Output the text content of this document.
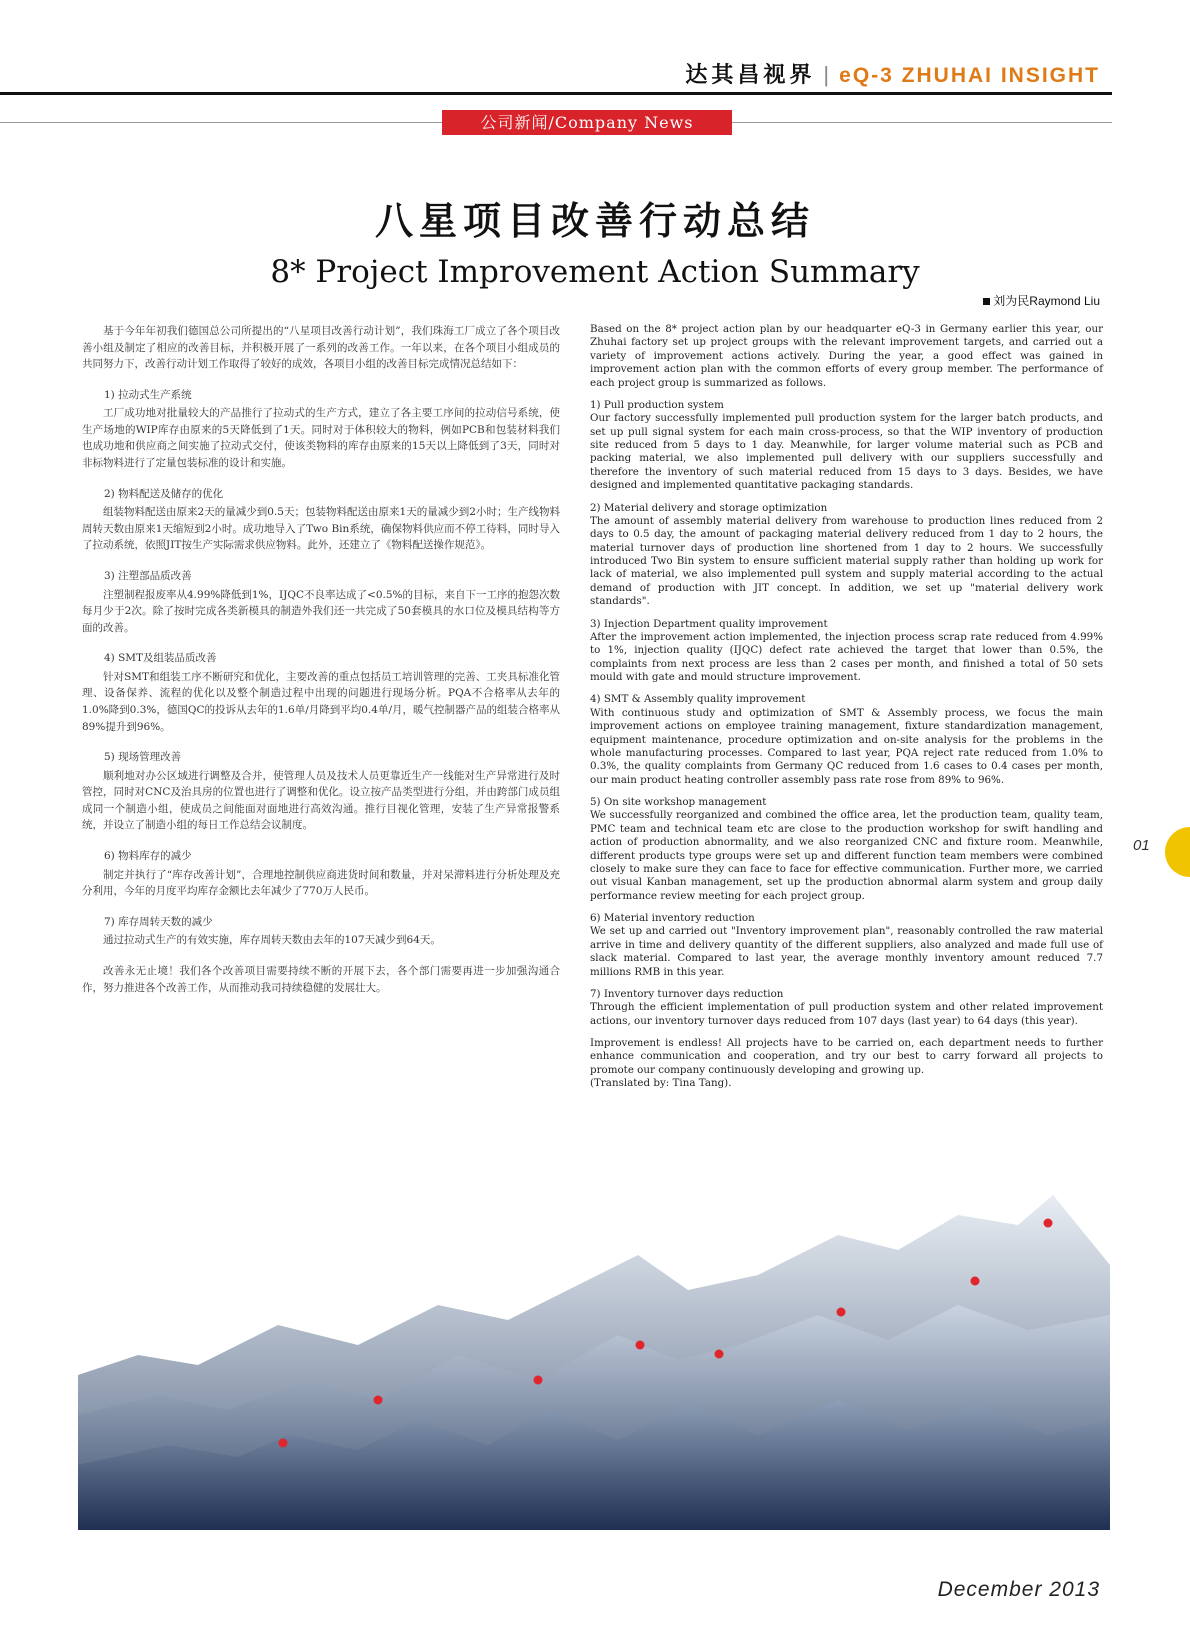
达其昌视界 | eQ-3 ZHUHAI INSIGHT
公司新闻/Company News
八星项目改善行动总结
8* Project Improvement Action Summary
刘为民Raymond Liu

基于今年年初我们德国总公司所提出的“八星项目改善行动计划”，我们珠海工厂成立了各个项目改善小组及制定了相应的改善目标，并积极开展了一系列的改善工作。一年以来，在各个项目小组成员的共同努力下，改善行动计划工作取得了较好的成效，各项目小组的改善目标完成情况总结如下：

1) 拉动式生产系统

工厂成功地对批量较大的产品推行了拉动式的生产方式，建立了各主要工序间的拉动信号系统，使生产场地的WIP库存由原来的5天降低到了1天。同时对于体积较大的物料，例如PCB和包装材料我们也成功地和供应商之间实施了拉动式交付，使该类物料的库存由原来的15天以上降低到了3天，同时对非标物料进行了定量包装标准的设计和实施。

2) 物料配送及储存的优化

组装物料配送由原来2天的量减少到0.5天；包装物料配送由原来1天的量减少到2小时；生产线物料周转天数由原来1天缩短到2小时。成功地导入了Two Bin系统，确保物料供应而不停工待料，同时导入了拉动系统，依照JIT按生产实际需求供应物料。此外，还建立了《物料配送操作规范》。

3) 注塑部品质改善

注塑制程报废率从4.99%降低到1%，IJQC不良率达成了<0.5%的目标，来自下一工序的抱怨次数每月少于2次。除了按时完成各类新模具的制造外我们还一共完成了50套模具的水口位及模具结构等方面的改善。

4) SMT及组装品质改善

针对SMT和组装工序不断研究和优化，主要改善的重点包括员工培训管理的完善、工夹具标准化管理、设备保养、流程的优化以及整个制造过程中出现的问题进行现场分析。PQA不合格率从去年的1.0%降到0.3%，德国QC的投诉从去年的1.6单/月降到平均0.4单/月，暖气控制器产品的组装合格率从89%提升到96%。

5) 现场管理改善

顺利地对办公区域进行调整及合并，使管理人员及技术人员更靠近生产一线能对生产异常进行及时管控，同时对CNC及治具房的位置也进行了调整和优化。设立按产品类型进行分组，并由跨部门成员组成同一个制造小组，使成员之间能面对面地进行高效沟通。推行目视化管理，安装了生产异常报警系统，并设立了制造小组的每日工作总结会议制度。

6) 物料库存的减少

制定并执行了“库存改善计划”，合理地控制供应商进货时间和数量，并对呆滞料进行分析处理及充分利用，今年的月度平均库存金额比去年减少了770万人民币。

7) 库存周转天数的减少

通过拉动式生产的有效实施，库存周转天数由去年的107天减少到64天。

改善永无止境！我们各个改善项目需要持续不断的开展下去，各个部门需要再进一步加强沟通合作，努力推进各个改善工作，从而推动我司持续稳健的发展壮大。

Based on the 8* project action plan by our headquarter eQ-3 in Germany earlier this year, our Zhuhai factory set up project groups with the relevant improvement targets, and carried out a variety of improvement actions actively. During the year, a good effect was gained in improvement action plan with the common efforts of every group member. The performance of each project group is summarized as follows.

1) Pull production system

Our factory successfully implemented pull production system for the larger batch products, and set up pull signal system for each main cross-process, so that the WIP inventory of production site reduced from 5 days to 1 day. Meanwhile, for larger volume material such as PCB and packing material, we also implemented pull delivery with our suppliers successfully and therefore the inventory of such material reduced from 15 days to 3 days. Besides, we have designed and implemented quantitative packaging standards.

2) Material delivery and storage optimization

The amount of assembly material delivery from warehouse to production lines reduced from 2 days to 0.5 day, the amount of packaging material delivery reduced from 1 day to 2 hours, the material turnover days of production line shortened from 1 day to 2 hours. We successfully introduced Two Bin system to ensure sufficient material supply rather than holding up work for lack of material, we also implemented pull system and supply material according to the actual demand of production with JIT concept. In addition, we set up "material delivery work standards".

3) Injection Department quality improvement

After the improvement action implemented, the injection process scrap rate reduced from 4.99% to 1%, injection quality (IJQC) defect rate achieved the target that lower than 0.5%, the complaints from next process are less than 2 cases per month, and finished a total of 50 sets mould with gate and mould structure improvement.

4) SMT & Assembly quality improvement

With continuous study and optimization of SMT & Assembly process, we focus the main improvement actions on employee training management, fixture standardization management, equipment maintenance, procedure optimization and on-site analysis for the problems in the whole manufacturing processes. Compared to last year, PQA reject rate reduced from 1.0% to 0.3%, the quality complaints from Germany QC reduced from 1.6 cases to 0.4 cases per month, our main product heating controller assembly pass rate rose from 89% to 96%.

5) On site workshop management

We successfully reorganized and combined the office area, let the production team, quality team, PMC team and technical team etc are close to the production workshop for swift handling and action of production abnormality, and we also reorganized CNC and fixture room. Meanwhile, different products type groups were set up and different function team members were combined closely to make sure they can face to face for effective communication. Further more, we carried out visual Kanban management, set up the production abnormal alarm system and group daily performance review meeting for each project group.

6) Material inventory reduction

We set up and carried out "Inventory improvement plan", reasonably controlled the raw material arrive in time and delivery quantity of the different suppliers, also analyzed and made full use of slack material. Compared to last year, the average monthly inventory amount reduced 7.7 millions RMB in this year.

7) Inventory turnover days reduction

Through the efficient implementation of pull production system and other related improvement actions, our inventory turnover days reduced from 107 days (last year) to 64 days (this year).

Improvement is endless! All projects have to be carried on, each department needs to further enhance communication and cooperation, and try our best to carry forward all projects to promote our company continuously developing and growing up.

(Translated by: Tina Tang).

01
December 2013
